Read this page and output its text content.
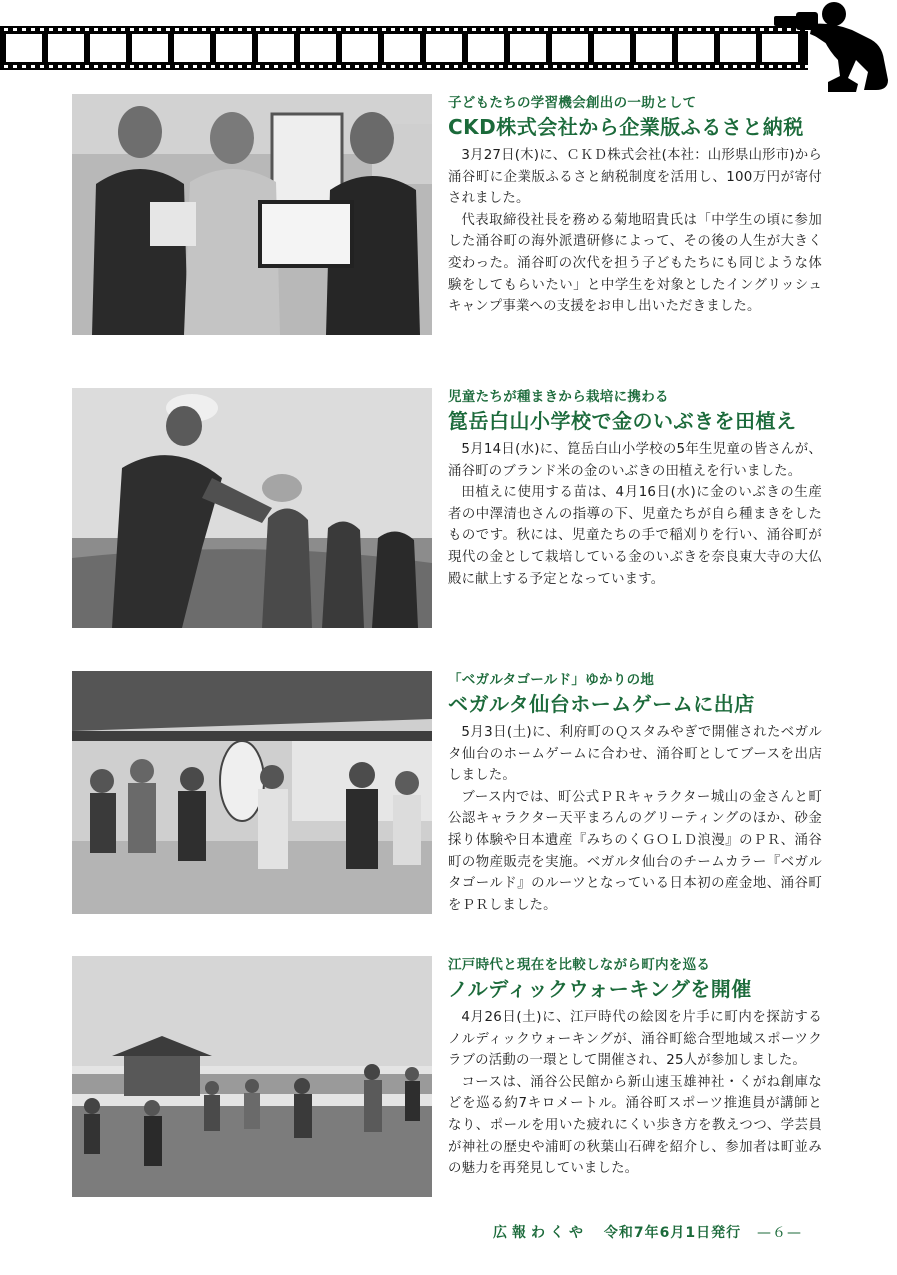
子どもたちの学習機会創出の一助として
CKD株式会社から企業版ふるさと納税

3月27日(木)に、ＣＫＤ株式会社(本社：山形県山形市)から涌谷町に企業版ふるさと納税制度を活用し、100万円が寄付されました。

代表取締役社長を務める菊地昭貴氏は「中学生の頃に参加した涌谷町の海外派遣研修によって、その後の人生が大きく変わった。涌谷町の次代を担う子どもたちにも同じような体験をしてもらいたい」と中学生を対象としたイングリッシュキャンプ事業への支援をお申し出いただきました。

児童たちが種まきから栽培に携わる
箟岳白山小学校で金のいぶきを田植え

5月14日(水)に、箟岳白山小学校の5年生児童の皆さんが、涌谷町のブランド米の金のいぶきの田植えを行いました。

田植えに使用する苗は、4月16日(水)に金のいぶきの生産者の中澤清也さんの指導の下、児童たちが自ら種まきをしたものです。秋には、児童たちの手で稲刈りを行い、涌谷町が現代の金として栽培している金のいぶきを奈良東大寺の大仏殿に献上する予定となっています。

「ベガルタゴールド」ゆかりの地
ベガルタ仙台ホームゲームに出店

5月3日(土)に、利府町のＱスタみやぎで開催されたベガルタ仙台のホームゲームに合わせ、涌谷町としてブースを出店しました。

ブース内では、町公式ＰＲキャラクター城山の金さんと町公認キャラクター天平まろんのグリーティングのほか、砂金採り体験や日本遺産『みちのくＧＯＬＤ浪漫』のＰＲ、涌谷町の物産販売を実施。ベガルタ仙台のチームカラー『ベガルタゴールド』のルーツとなっている日本初の産金地、涌谷町をＰＲしました。

江戸時代と現在を比較しながら町内を巡る
ノルディックウォーキングを開催

4月26日(土)に、江戸時代の絵図を片手に町内を探訪するノルディックウォーキングが、涌谷町総合型地域スポーツクラブの活動の一環として開催され、25人が参加しました。

コースは、涌谷公民館から新山速玉雄神社・くがね創庫などを巡る約7キロメートル。涌谷町スポーツ推進員が講師となり、ポールを用いた疲れにくい歩き方を教えつつ、学芸員が神社の歴史や浦町の秋葉山石碑を紹介し、参加者は町並みの魅力を再発見していました。

広報わくや 令和7年6月1日発行 —６—
